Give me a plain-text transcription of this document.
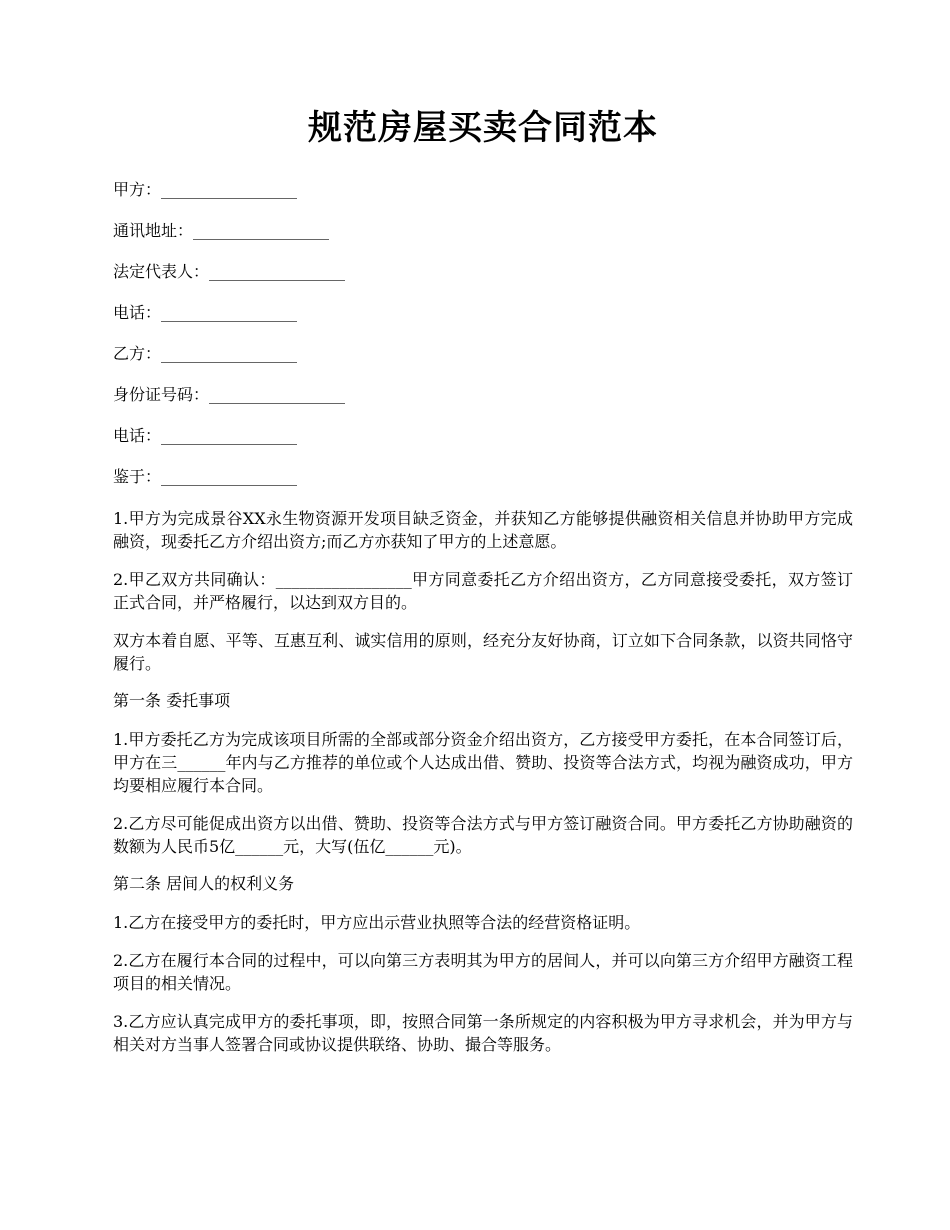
规范房屋买卖合同范本

甲方：_________________

通讯地址：_________________

法定代表人：_________________

电话：_________________

乙方：_________________

身份证号码：_________________

电话：_________________

鉴于：_________________

1.甲方为完成景谷XX永生物资源开发项目缺乏资金，并获知乙方能够提供融资相关信息并协助甲方完成融资，现委托乙方介绍出资方;而乙方亦获知了甲方的上述意愿。

2.甲乙双方共同确认：_________________甲方同意委托乙方介绍出资方，乙方同意接受委托，双方签订正式合同，并严格履行，以达到双方目的。

双方本着自愿、平等、互惠互利、诚实信用的原则，经充分友好协商，订立如下合同条款，以资共同恪守履行。

第一条 委托事项

1.甲方委托乙方为完成该项目所需的全部或部分资金介绍出资方，乙方接受甲方委托，在本合同签订后，甲方在三______年内与乙方推荐的单位或个人达成出借、赞助、投资等合法方式，均视为融资成功，甲方均要相应履行本合同。

2.乙方尽可能促成出资方以出借、赞助、投资等合法方式与甲方签订融资合同。甲方委托乙方协助融资的数额为人民币5亿______元，大写(伍亿______元)。

第二条 居间人的权利义务

1.乙方在接受甲方的委托时，甲方应出示营业执照等合法的经营资格证明。

2.乙方在履行本合同的过程中，可以向第三方表明其为甲方的居间人，并可以向第三方介绍甲方融资工程项目的相关情况。

3.乙方应认真完成甲方的委托事项，即，按照合同第一条所规定的内容积极为甲方寻求机会，并为甲方与相关对方当事人签署合同或协议提供联络、协助、撮合等服务。
